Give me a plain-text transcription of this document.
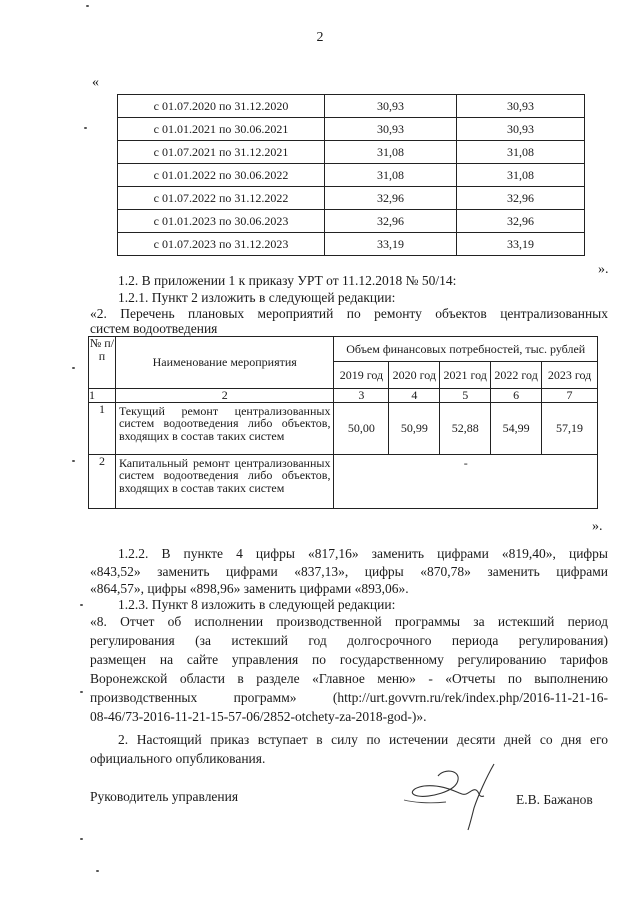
2
«
с 01.07.2020 по 31.12.2020	30,93	30,93
с 01.01.2021 по 30.06.2021	30,93	30,93
с 01.07.2021 по 31.12.2021	31,08	31,08
с 01.01.2022 по 30.06.2022	31,08	31,08
с 01.07.2022 по 31.12.2022	32,96	32,96
с 01.01.2023 по 30.06.2023	32,96	32,96
с 01.07.2023 по 31.12.2023	33,19	33,19
».
1.2. В приложении 1 к приказу УРТ от 11.12.2018 № 50/14:
1.2.1. Пункт 2 изложить в следующей редакции:
«2. Перечень плановых мероприятий по ремонту объектов централизованных
систем водоотведения
№ п/п	Наименование мероприятия	Объем финансовых потребностей, тыс. рублей				
		2019 год	2020 год	2021 год	2022 год	2023 год
1	2	3	4	5	6	7
1	Текущий ремонт централизованных систем водоотведения либо объектов, входящих в состав таких систем	50,00	50,99	52,88	54,99	57,19
2	Капитальный ремонт централизованных систем водоотведения либо объектов, входящих в состав таких систем	-				
».
1.2.2. В пункте 4 цифры «817,16» заменить цифрами «819,40», цифры
«843,52» заменить цифрами «837,13», цифры «870,78» заменить цифрами
«864,57», цифры «898,96» заменить цифрами «893,06».
1.2.3. Пункт 8 изложить в следующей редакции:
«8. Отчет об исполнении производственной программы за истекший период
регулирования (за истекший год долгосрочного периода регулирования)
размещен на сайте управления по государственному регулированию тарифов
Воронежской области в разделе «Главное меню» - «Отчеты по выполнению
производственных программ» (http://urt.govvrn.ru/rek/index.php/2016-11-21-16-
08-46/73-2016-11-21-15-57-06/2852-otchety-za-2018-god-)».
2. Настоящий приказ вступает в силу по истечении десяти дней со дня его
официального опубликования.
Руководитель управления	Е.В. Бажанов
